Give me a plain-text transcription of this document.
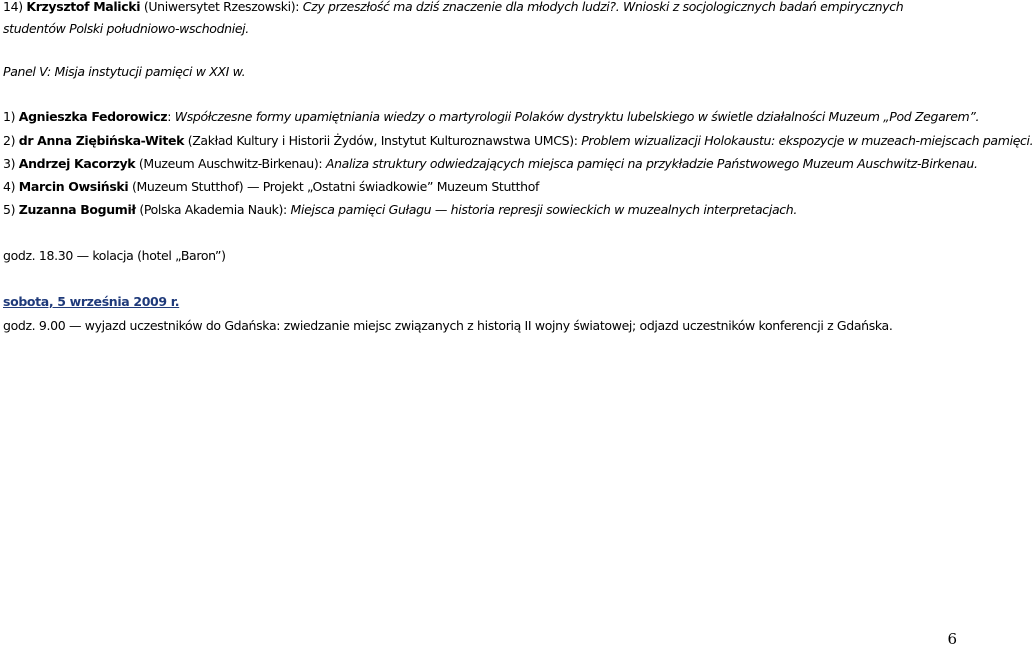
14) Krzysztof Malicki (Uniwersytet Rzeszowski): Czy przeszłość ma dziś znaczenie dla młodych ludzi?. Wnioski z socjologicznych badań empirycznych studentów Polski południowo-wschodniej.

Panel V: Misja instytucji pamięci w XXI w.

1) Agnieszka Fedorowicz: Współczesne formy upamiętniania wiedzy o martyrologii Polaków dystryktu lubelskiego w świetle działalności Muzeum „Pod Zegarem”.

2) dr Anna Ziębińska-Witek (Zakład Kultury i Historii Żydów, Instytut Kulturoznawstwa UMCS): Problem wizualizacji Holokaustu: ekspozycje w muzeach-miejscach pamięci.

3) Andrzej Kacorzyk (Muzeum Auschwitz-Birkenau): Analiza struktury odwiedzających miejsca pamięci na przykładzie Państwowego Muzeum Auschwitz-Birkenau.

4) Marcin Owsiński (Muzeum Stutthof) — Projekt „Ostatni świadkowie” Muzeum Stutthof

5) Zuzanna Bogumił (Polska Akademia Nauk): Miejsca pamięci Gułagu — historia represji sowieckich w muzealnych interpretacjach.

godz. 18.30 — kolacja (hotel „Baron”)

sobota, 5 września 2009 r.

godz. 9.00 — wyjazd uczestników do Gdańska: zwiedzanie miejsc związanych z historią II wojny światowej; odjazd uczestników konferencji z Gdańska.

6
